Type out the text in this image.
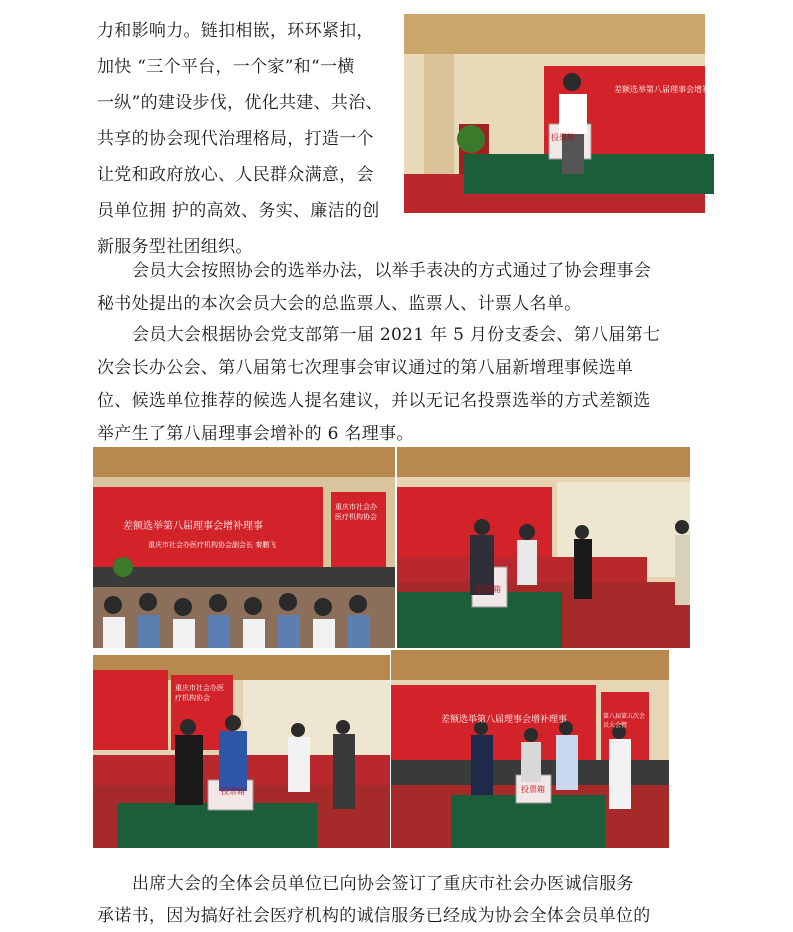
力和影响力。链扣相嵌，环环紧扣，
加快 “三个平台，一个家”和“一横
一纵”的建设步伐，优化共建、共治、
共享的协会现代治理格局，打造一个
让党和政府放心、人民群众满意，会
员单位拥 护的高效、务实、廉洁的创
新服务型社团组织。
投票箱
差额选举第八届理事会增补理事
会员大会按照协会的选举办法，以举手表决的方式通过了协会理事会
秘书处提出的本次会员大会的总监票人、监票人、计票人名单。
会员大会根据协会党支部第一届 2021 年 5 月份支委会、第八届第七
次会长办公会、第八届第七次理事会审议通过的第八届新增理事候选单
位、候选单位推荐的候选人提名建议，并以无记名投票选举的方式差额选
举产生了第八届理事会增补的 6 名理事。
差额选举第八届理事会增补理事
重庆市社会办医疗机构协会副会长 秦鹏飞
重庆市社会办医疗机构协会
投票箱
投票箱
重庆市社会办医疗机构协会
投票箱
差额选举第八届理事会增补理事	第八届第五次会员大会暨
出席大会的全体会员单位已向协会签订了重庆市社会办医诚信服务
承诺书，因为搞好社会医疗机构的诚信服务已经成为协会全体会员单位的
